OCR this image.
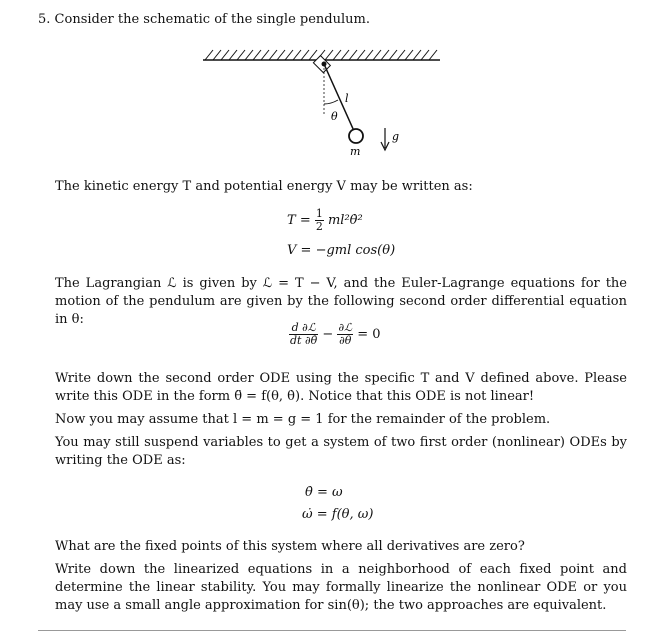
5. Consider the schematic of the single pendulum.
l
θ
m
g

The kinetic energy T and potential energy V may be written as:

$T = \frac{1}{2}$ ml²θ̇²
V = −gml cos(θ)

The Lagrangian ℒ is given by ℒ = T − V, and the Euler-Lagrange equations for the motion of the pendulum are given by the following second order differential equation in θ:

$\frac{\text{d ∂ℒ}}{dt \partial\thetȧ} - \frac{\text{∂ℒ}}{\partial\theta} = 0$

Write down the second order ODE using the specific T and V defined above. Please write this ODE in the form θ̈ = f(θ, θ̇). Notice that this ODE is not linear!

Now you may assume that l = m = g = 1 for the remainder of the problem.

You may still suspend variables to get a system of two first order (nonlinear) ODEs by writing the ODE as:

θ̇ = ω
ω̇ = f(θ, ω)

What are the fixed points of this system where all derivatives are zero?

Write down the linearized equations in a neighborhood of each fixed point and determine the linear stability. You may formally linearize the nonlinear ODE or you may use a small angle approximation for sin(θ); the two approaches are equivalent.
